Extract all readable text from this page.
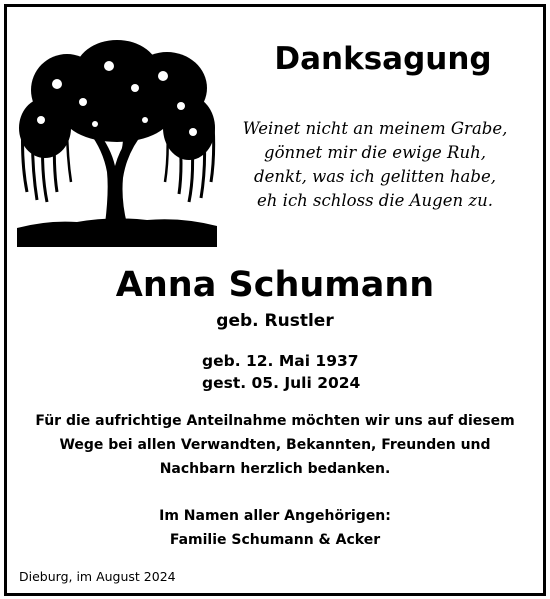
Danksagung
Weinet nicht an meinem Grabe,
gönnet mir die ewige Ruh,
denkt, was ich gelitten habe,
eh ich schloss die Augen zu.
Anna Schumann
geb. Rustler
geb. 12. Mai 1937
gest. 05. Juli 2024
Für die aufrichtige Anteilnahme möchten wir uns auf diesem
Wege bei allen Verwandten, Bekannten, Freunden und
Nachbarn herzlich bedanken.
Im Namen aller Angehörigen:
Familie Schumann & Acker
Dieburg, im August 2024
